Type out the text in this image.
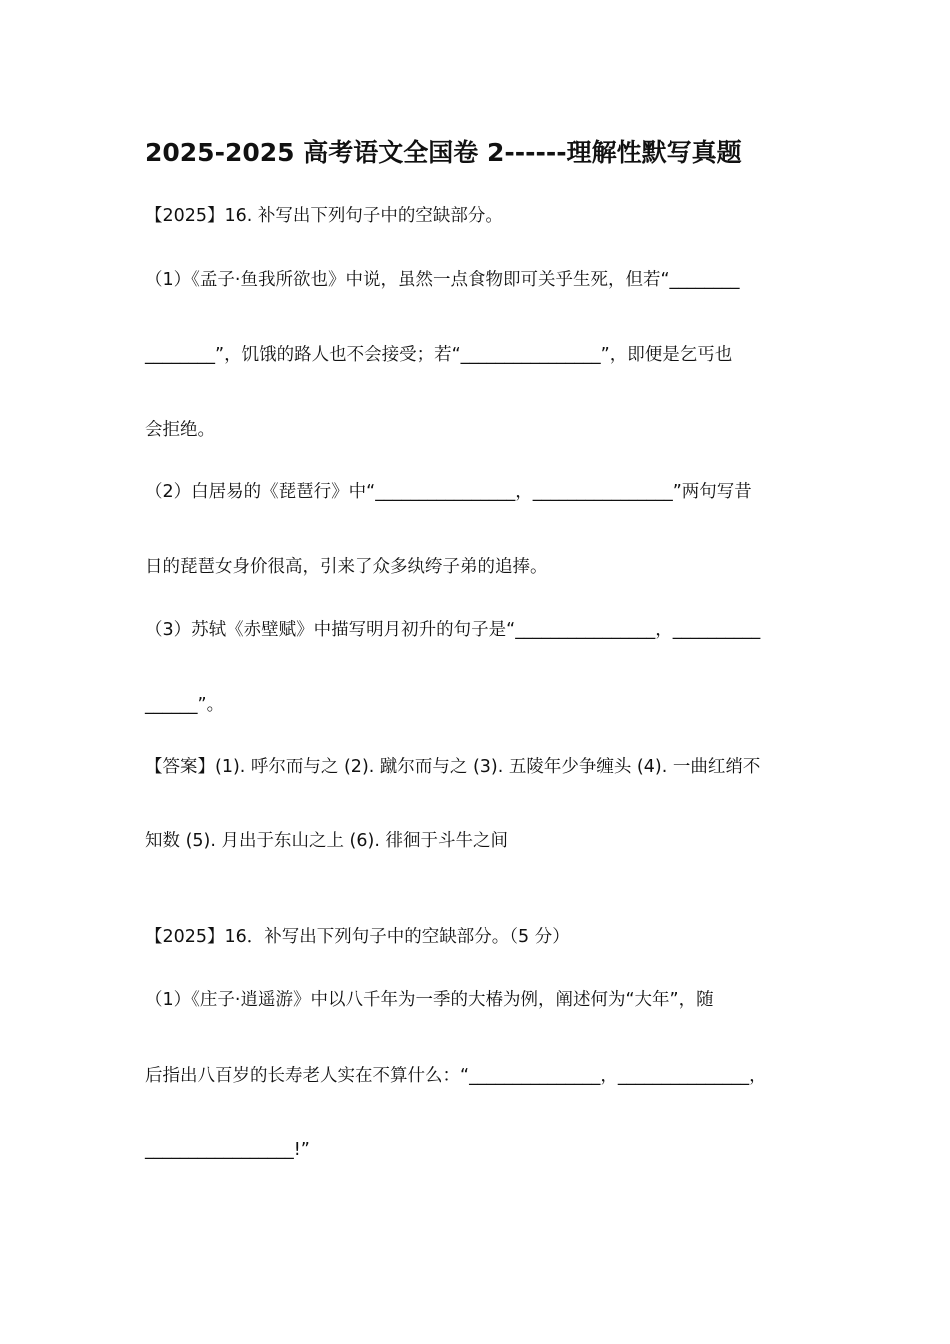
2025-2025 高考语文全国卷 2------理解性默写真题
【2025】16. 补写出下列句子中的空缺部分。
（1）《孟子·鱼我所欲也》中说，虽然一点食物即可关乎生死，但若“________
________”，饥饿的路人也不会接受；若“________________”，即便是乞丐也
会拒绝。
（2）白居易的《琵琶行》中“________________，________________”两句写昔
日的琵琶女身价很高，引来了众多纨绔子弟的追捧。
（3）苏轼《赤壁赋》中描写明月初升的句子是“________________，__________
______”。
【答案】(1). 呼尔而与之 (2). 蹴尔而与之 (3). 五陵年少争缠头 (4). 一曲红绡不
知数 (5). 月出于东山之上 (6). 徘徊于斗牛之间
【2025】16．补写出下列句子中的空缺部分。（5 分）
（1）《庄子·逍遥游》中以八千年为一季的大椿为例，阐述何为“大年”，随
后指出八百岁的长寿老人实在不算什么：“_______________，_______________，
_________________!”
